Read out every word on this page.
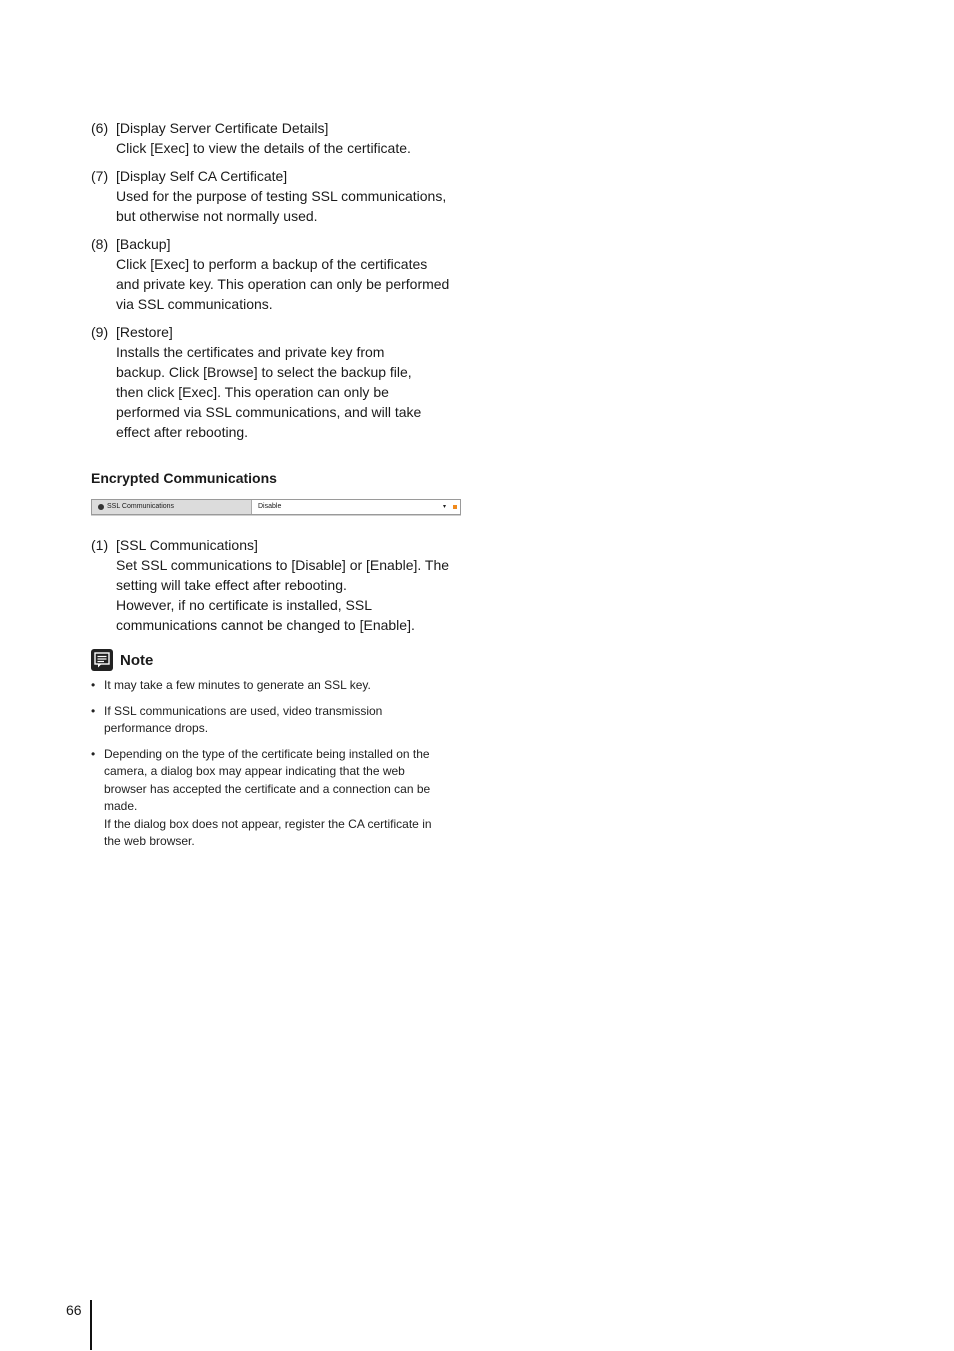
(6) [Display Server Certificate Details]

Click [Exec] to view the details of the certificate.

(7) [Display Self CA Certificate]

Used for the purpose of testing SSL communications,

but otherwise not normally used.

(8) [Backup]

Click [Exec] to perform a backup of the certificates

and private key. This operation can only be performed

via SSL communications.

(9) [Restore]

Installs the certificates and private key from

backup. Click [Browse] to select the backup file,

then click [Exec]. This operation can only be

performed via SSL communications, and will take

effect after rebooting.

Encrypted Communications
SSL Communications	Disable	▾
(1) [SSL Communications]

Set SSL communications to [Disable] or [Enable]. The

setting will take effect after rebooting.

However, if no certificate is installed, SSL

communications cannot be changed to [Enable].

Note

• It may take a few minutes to generate an SSL key.

• If SSL communications are used, video transmission

performance drops.

• Depending on the type of the certificate being installed on the

camera, a dialog box may appear indicating that the web

browser has accepted the certificate and a connection can be

made.

If the dialog box does not appear, register the CA certificate in

the web browser.

66
